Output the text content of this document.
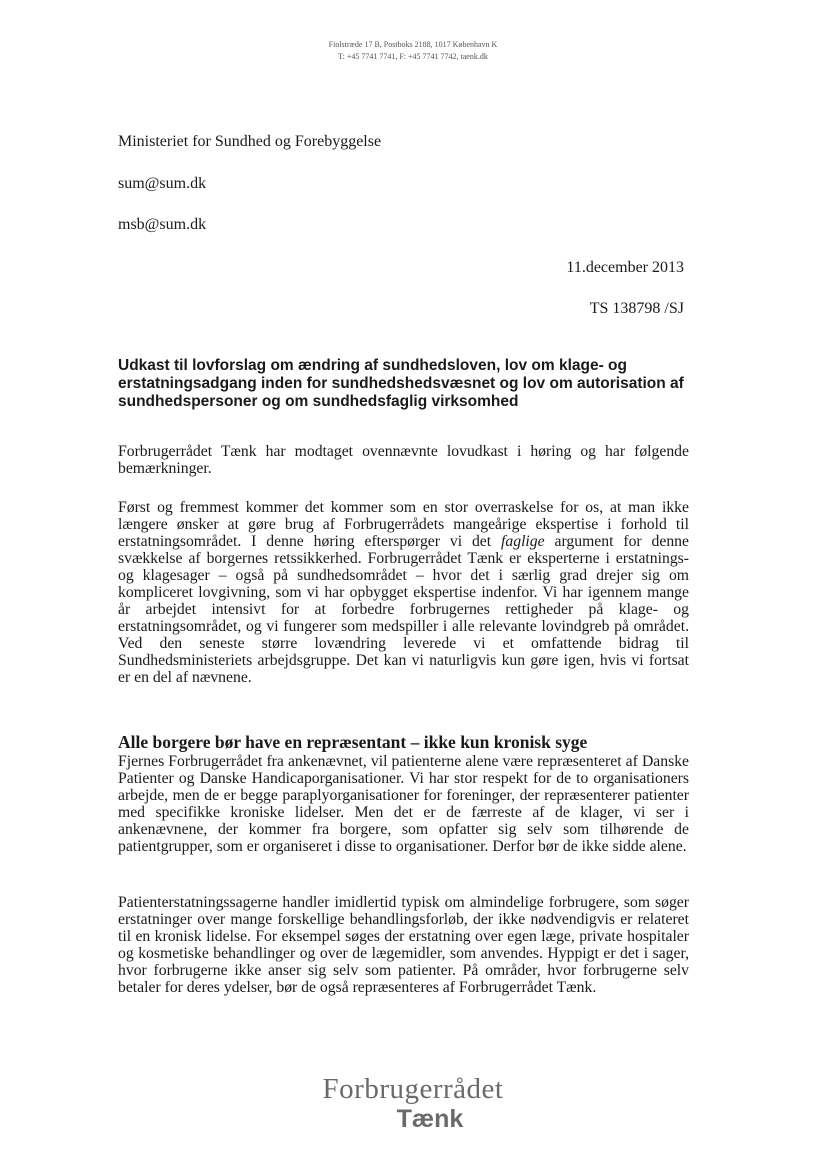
Fiolstræde 17 B, Postboks 2188, 1017 København K
T: +45 7741 7741, F: +45 7741 7742, taenk.dk
Ministeriet for Sundhed og Forebyggelse
sum@sum.dk
msb@sum.dk
11.december 2013
TS 138798 /SJ
Udkast til lovforslag om ændring af sundhedsloven, lov om klage- og erstatningsadgang inden for sundhedshedsvæsnet og lov om autorisation af sundhedspersoner og om sundhedsfaglig virksomhed

Forbrugerrådet Tænk har modtaget ovennævnte lovudkast i høring og har følgende bemærkninger.

Først og fremmest kommer det kommer som en stor overraskelse for os, at man ikke længere ønsker at gøre brug af Forbrugerrådets mangeårige ekspertise i forhold til erstatningsområdet. I denne høring efterspørger vi det faglige argument for denne svækkelse af borgernes retssikkerhed. Forbrugerrådet Tænk er eksperterne i erstatnings- og klagesager – også på sundhedsområdet – hvor det i særlig grad drejer sig om kompliceret lovgivning, som vi har opbygget ekspertise indenfor. Vi har igennem mange år arbejdet intensivt for at forbedre forbrugernes rettigheder på klage- og erstatningsområdet, og vi fungerer som medspiller i alle relevante lovindgreb på området. Ved den seneste større lovændring leverede vi et omfattende bidrag til Sundhedsministeriets arbejdsgruppe. Det kan vi naturligvis kun gøre igen, hvis vi fortsat er en del af nævnene.

Alle borgere bør have en repræsentant – ikke kun kronisk syge

Fjernes Forbrugerrådet fra ankenævnet, vil patienterne alene være repræsenteret af Danske Patienter og Danske Handicaporganisationer. Vi har stor respekt for de to organisationers arbejde, men de er begge paraplyorganisationer for foreninger, der repræsenterer patienter med specifikke kroniske lidelser. Men det er de færreste af de klager, vi ser i ankenævnene, der kommer fra borgere, som opfatter sig selv som tilhørende de patientgrupper, som er organiseret i disse to organisationer. Derfor bør de ikke sidde alene.

Patienterstatningssagerne handler imidlertid typisk om almindelige forbrugere, som søger erstatninger over mange forskellige behandlingsforløb, der ikke nødvendigvis er relateret til en kronisk lidelse. For eksempel søges der erstatning over egen læge, private hospitaler og kosmetiske behandlinger og over de lægemidler, som anvendes. Hyppigt er det i sager, hvor forbrugerne ikke anser sig selv som patienter. På områder, hvor forbrugerne selv betaler for deres ydelser, bør de også repræsenteres af Forbrugerrådet Tænk.

Forbrugerrådet
Tænk
